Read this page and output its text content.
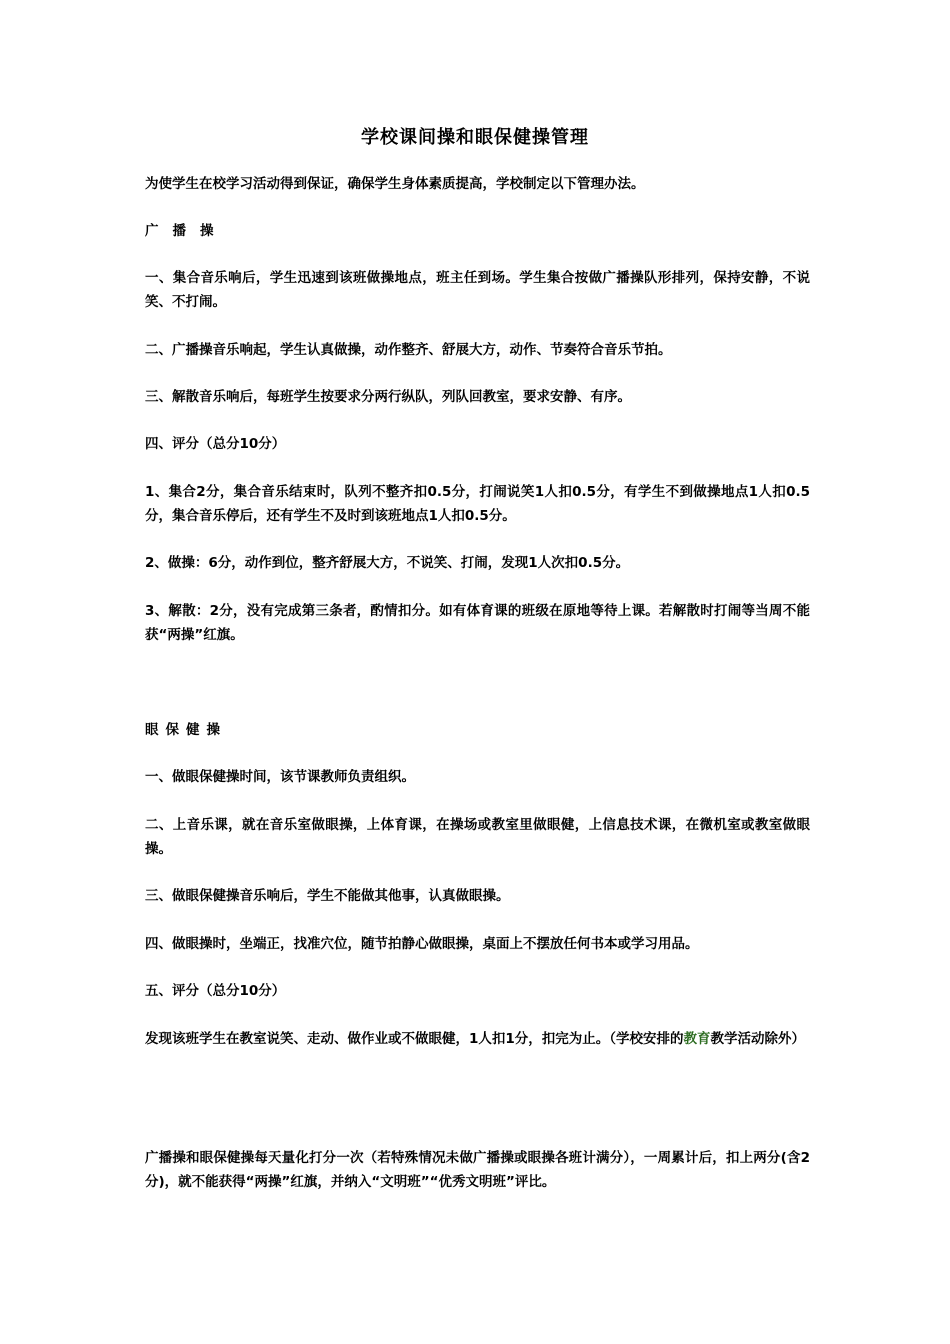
学校课间操和眼保健操管理
为使学生在校学习活动得到保证，确保学生身体素质提高，学校制定以下管理办法。
广播操
一、集合音乐响后，学生迅速到该班做操地点，班主任到场。学生集合按做广播操队形排列，保持安静，不说笑、不打闹。
二、广播操音乐响起，学生认真做操，动作整齐、舒展大方，动作、节奏符合音乐节拍。
三、解散音乐响后，每班学生按要求分两行纵队，列队回教室，要求安静、有序。
四、评分（总分10分）
1、集合2分，集合音乐结束时，队列不整齐扣0.5分，打闹说笑1人扣0.5分，有学生不到做操地点1人扣0.5分，集合音乐停后，还有学生不及时到该班地点1人扣0.5分。
2、做操：6分，动作到位，整齐舒展大方，不说笑、打闹，发现1人次扣0.5分。
3、解散：2分，没有完成第三条者，酌情扣分。如有体育课的班级在原地等待上课。若解散时打闹等当周不能获“两操”红旗。
眼保健操
一、做眼保健操时间，该节课教师负责组织。
二、上音乐课，就在音乐室做眼操，上体育课，在操场或教室里做眼健，上信息技术课，在微机室或教室做眼操。
三、做眼保健操音乐响后，学生不能做其他事，认真做眼操。
四、做眼操时，坐端正，找准穴位，随节拍静心做眼操，桌面上不摆放任何书本或学习用品。
五、评分（总分10分）
发现该班学生在教室说笑、走动、做作业或不做眼健，1人扣1分，扣完为止。（学校安排的教育教学活动除外）
广播操和眼保健操每天量化打分一次（若特殊情况未做广播操或眼操各班计满分），一周累计后，扣上两分(含2分)，就不能获得“两操”红旗，并纳入“文明班”“优秀文明班”评比。
